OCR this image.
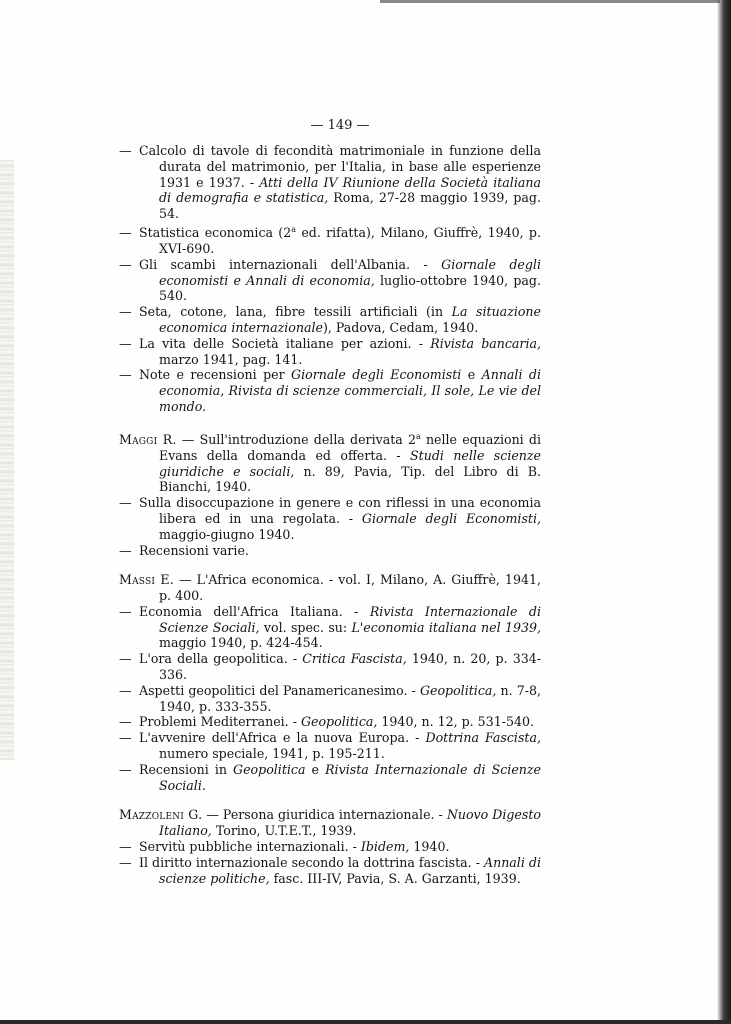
— 149 —
— Calcolo di tavole di fecondità matrimoniale in funzione della durata del matrimonio, per l'Italia, in base alle esperienze 1931 e 1937. - Atti della IV Riunione della Società italiana di demografia e statistica, Roma, 27-28 maggio 1939, pag. 54.
— Statistica economica (2$^a$ ed. rifatta), Milano, Giuffrè, 1940, p. XVI-690.
— Gli scambi internazionali dell'Albania. - Giornale degli economisti e Annali di economia, luglio-ottobre 1940, pag. 540.
— Seta, cotone, lana, fibre tessili artificiali (in La situazione economica internazionale), Padova, Cedam, 1940.
— La vita delle Società italiane per azioni. - Rivista bancaria, marzo 1941, pag. 141.
— Note e recensioni per Giornale degli Economisti e Annali di economia, Rivista di scienze commerciali, Il sole, Le vie del mondo.
Maggi R. — Sull'introduzione della derivata 2$^a$ nelle equazioni di Evans della domanda ed offerta. - Studi nelle scienze giuridiche e sociali, n. 89, Pavia, Tip. del Libro di B. Bianchi, 1940.
— Sulla disoccupazione in genere e con riflessi in una economia libera ed in una regolata. - Giornale degli Economisti, maggio-giugno 1940.
— Recensioni varie.
Massi E. — L'Africa economica. - vol. I, Milano, A. Giuffrè, 1941, p. 400.
— Economia dell'Africa Italiana. - Rivista Internazionale di Scienze Sociali, vol. spec. su: L'economia italiana nel 1939, maggio 1940, p. 424-454.
— L'ora della geopolitica. - Critica Fascista, 1940, n. 20, p. 334-336.
— Aspetti geopolitici del Panamericanesimo. - Geopolitica, n. 7-8, 1940, p. 333-355.
— Problemi Mediterranei. - Geopolitica, 1940, n. 12, p. 531-540.
— L'avvenire dell'Africa e la nuova Europa. - Dottrina Fascista, numero speciale, 1941, p. 195-211.
— Recensioni in Geopolitica e Rivista Internazionale di Scienze Sociali.
Mazzoleni G. — Persona giuridica internazionale. - Nuovo Digesto Italiano, Torino, U.T.E.T., 1939.
— Servitù pubbliche internazionali. - Ibidem, 1940.
— Il diritto internazionale secondo la dottrina fascista. - Annali di scienze politiche, fasc. III-IV, Pavia, S. A. Garzanti, 1939.
